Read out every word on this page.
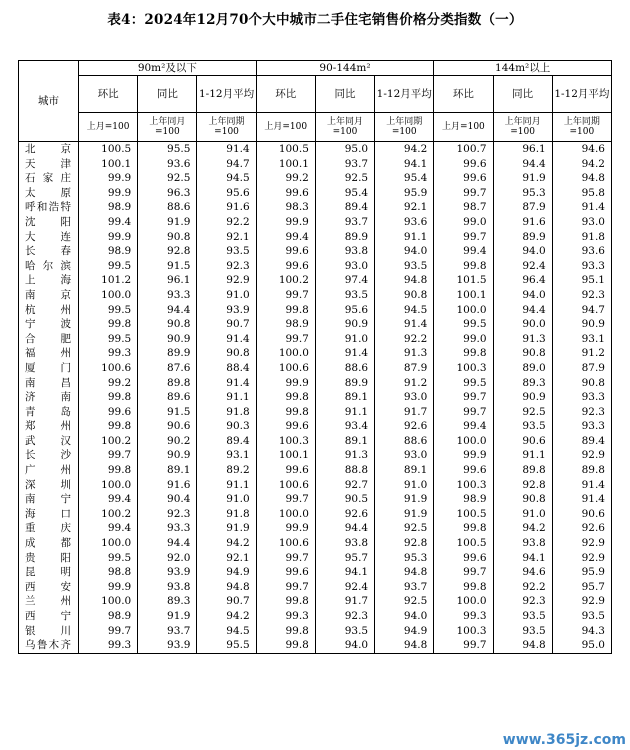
表4：2024年12月70个大中城市二手住宅销售价格分类指数（一）
城市	90m²及以下			90-144m²			144m²以上		
	环比	同比	1-12月平均	环比	同比	1-12月平均	环比	同比	1-12月平均
	上月=100	上年同月=100	上年同期=100	上月=100	上年同月=100	上年同期=100	上月=100	上年同月=100	上年同期=100
北京	100.5	95.5	91.4	100.5	95.0	94.2	100.7	96.1	94.6
天津	100.1	93.6	94.7	100.1	93.7	94.1	99.6	94.4	94.2
石家庄	99.9	92.5	94.5	99.2	92.5	95.4	99.6	91.9	94.8
太原	99.9	96.3	95.6	99.6	95.4	95.9	99.7	95.3	95.8
呼和浩特	98.9	88.6	91.6	98.3	89.4	92.1	98.7	87.9	91.4
沈阳	99.4	91.9	92.2	99.9	93.7	93.6	99.0	91.6	93.0
大连	99.9	90.8	92.1	99.4	89.9	91.1	99.7	89.9	91.8
长春	98.9	92.8	93.5	99.6	93.8	94.0	99.4	94.0	93.6
哈尔滨	99.5	91.5	92.3	99.6	93.0	93.5	99.8	92.4	93.3
上海	101.2	96.1	92.9	100.2	97.4	94.8	101.5	96.4	95.1
南京	100.0	93.3	91.0	99.7	93.5	90.8	100.1	94.0	92.3
杭州	99.5	94.4	93.9	99.8	95.6	94.5	100.0	94.4	94.7
宁波	99.8	90.8	90.7	98.9	90.9	91.4	99.5	90.0	90.9
合肥	99.5	90.9	91.4	99.7	91.0	92.2	99.0	91.3	93.1
福州	99.3	89.9	90.8	100.0	91.4	91.3	99.8	90.8	91.2
厦门	100.6	87.6	88.4	100.6	88.6	87.9	100.3	89.0	87.9
南昌	99.2	89.8	91.4	99.9	89.9	91.2	99.5	89.3	90.8
济南	99.8	89.6	91.1	99.8	89.1	93.0	99.7	90.9	93.3
青岛	99.6	91.5	91.8	99.8	91.1	91.7	99.7	92.5	92.3
郑州	99.8	90.6	90.3	99.6	93.4	92.6	99.4	93.5	93.3
武汉	100.2	90.2	89.4	100.3	89.1	88.6	100.0	90.6	89.4
长沙	99.7	90.9	93.1	100.1	91.3	93.0	99.9	91.1	92.9
广州	99.8	89.1	89.2	99.6	88.8	89.1	99.6	89.8	89.8
深圳	100.0	91.6	91.1	100.6	92.7	91.0	100.3	92.8	91.4
南宁	99.4	90.4	91.0	99.7	90.5	91.9	98.9	90.8	91.4
海口	100.2	92.3	91.8	100.0	92.6	91.9	100.5	91.0	90.6
重庆	99.4	93.3	91.9	99.9	94.4	92.5	99.8	94.2	92.6
成都	100.0	94.4	94.2	100.6	93.8	92.8	100.5	93.8	92.9
贵阳	99.5	92.0	92.1	99.7	95.7	95.3	99.6	94.1	92.9
昆明	98.8	93.9	94.9	99.6	94.1	94.8	99.7	94.6	95.9
西安	99.9	93.8	94.8	99.7	92.4	93.7	99.8	92.2	95.7
兰州	100.0	89.3	90.7	99.8	91.7	92.5	100.0	92.3	92.9
西宁	98.9	91.9	94.2	99.3	92.3	94.0	99.3	93.5	93.5
银川	99.7	93.7	94.5	99.8	93.5	94.9	100.3	93.5	94.3
乌鲁木齐	99.3	93.9	95.5	99.8	94.0	94.8	99.7	94.8	95.0
www.365jz.com
